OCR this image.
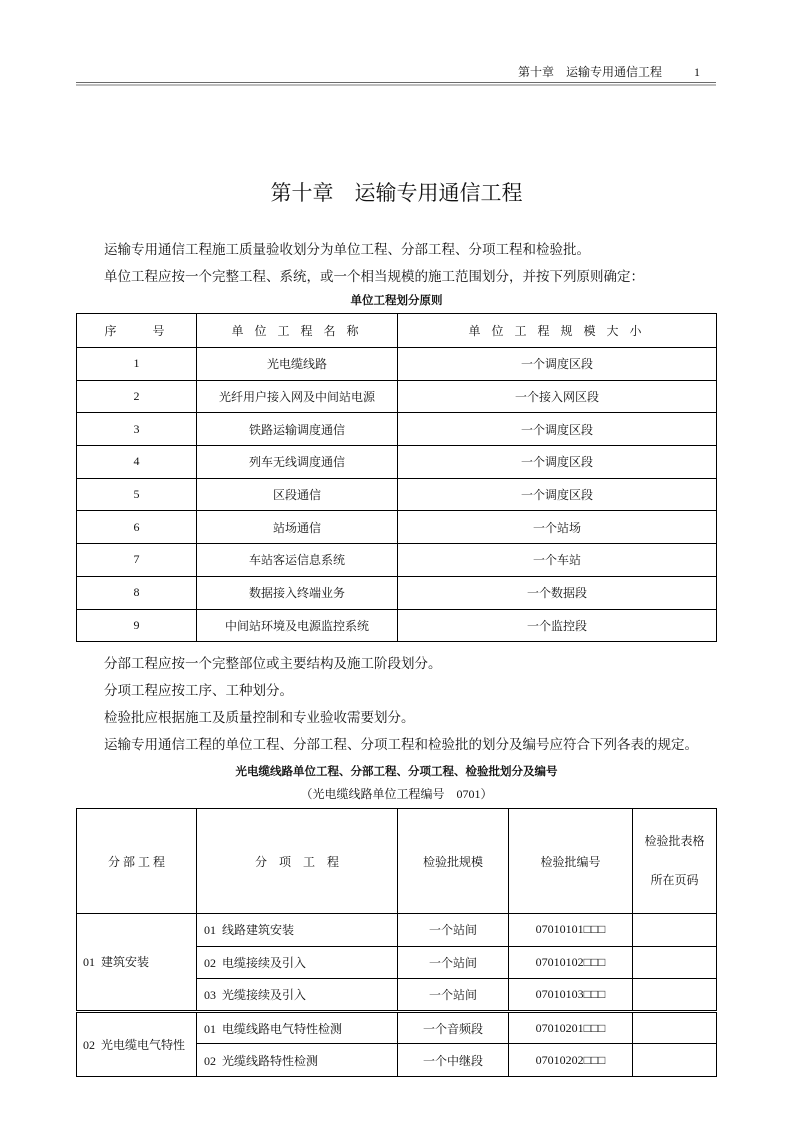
第十章　运输专用通信工程	1
第十章　运输专用通信工程

运输专用通信工程施工质量验收划分为单位工程、分部工程、分项工程和检验批。

单位工程应按一个完整工程、系统，或一个相当规模的施工范围划分，并按下列原则确定：

单位工程划分原则
序　　号	单 位 工 程 名 称	单 位 工 程 规 模 大 小
1	光电缆线路	一个调度区段
2	光纤用户接入网及中间站电源	一个接入网区段
3	铁路运输调度通信	一个调度区段
4	列车无线调度通信	一个调度区段
5	区段通信	一个调度区段
6	站场通信	一个站场
7	车站客运信息系统	一个车站
8	数据接入终端业务	一个数据段
9	中间站环境及电源监控系统	一个监控段

分部工程应按一个完整部位或主要结构及施工阶段划分。

分项工程应按工序、工种划分。

检验批应根据施工及质量控制和专业验收需要划分。

运输专用通信工程的单位工程、分部工程、分项工程和检验批的划分及编号应符合下列各表的规定。

光电缆线路单位工程、分部工程、分项工程、检验批划分及编号
（光电缆线路单位工程编号　0701）
分 部 工 程	分　项　工　程	检验批规模	检验批编号	检验批表格

所在页码

01  建筑安装	01  线路建筑安装	一个站间	07010101□□□	
	02  电缆接续及引入	一个站间	07010102□□□	
	03  光缆接续及引入	一个站间	07010103□□□	
02  光电缆电气特性	01  电缆线路电气特性检测	一个音频段	07010201□□□	
	02  光缆线路特性检测	一个中继段	07010202□□□	
